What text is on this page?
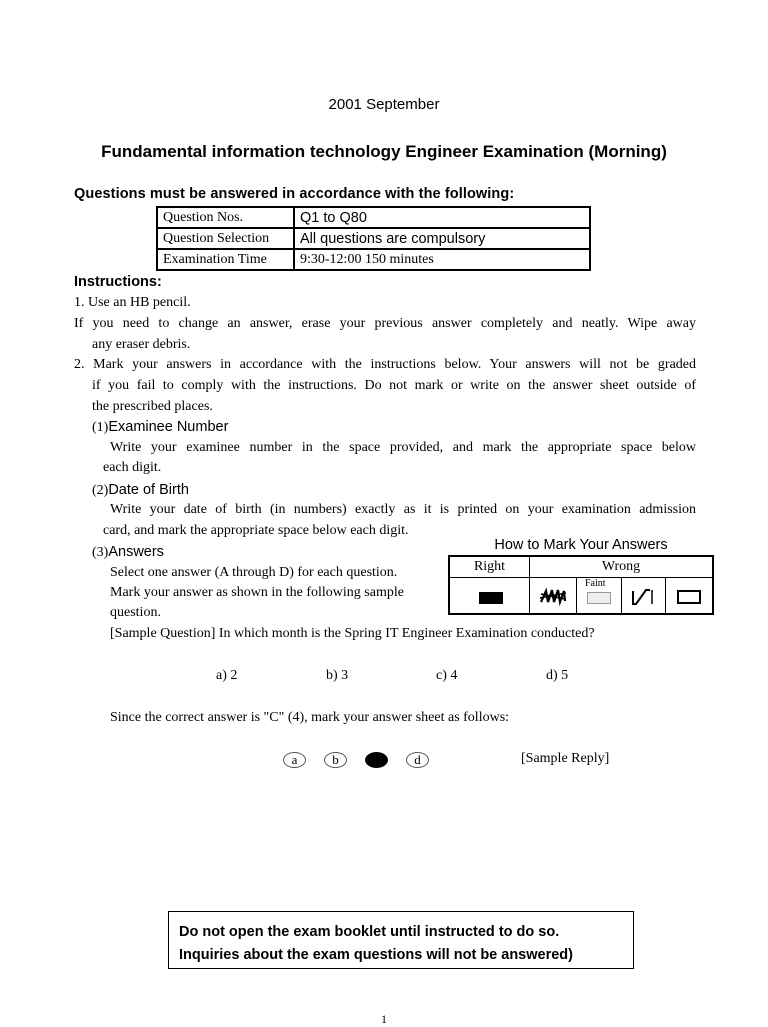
2001 September
Fundamental information technology Engineer Examination (Morning)
Questions must be answered in accordance with the following:
Question Nos.	Q1 to Q80
Question Selection	All questions are compulsory
Examination Time	9:30-12:00 150 minutes
Instructions:
1. Use an HB pencil.
If you need to change an answer, erase your previous answer completely and neatly. Wipe away
any eraser debris.
2. Mark your answers in accordance with the instructions below. Your answers will not be graded
if you fail to comply with the instructions. Do not mark or write on the answer sheet outside of
the prescribed places.
(1)Examinee Number
Write your examinee number in the space provided, and mark the appropriate space below
each digit.
(2)Date of Birth
Write your date of birth (in numbers) exactly as it is printed on your examination admission
card, and mark the appropriate space below each digit.
(3)Answers
Select one answer (A through D) for each question.
Mark your answer as shown in the following sample
question.
How to Mark Your Answers
Right	Wrong
Faint
[Sample Question] In which month is the Spring IT Engineer Examination conducted?
a) 2	b) 3	c) 4	d) 5
Since the correct answer is "C" (4), mark your answer sheet as follows:
a	b	d	[Sample Reply]
Do not open the exam booklet until instructed to do so.
Inquiries about the exam questions will not be answered)
1
